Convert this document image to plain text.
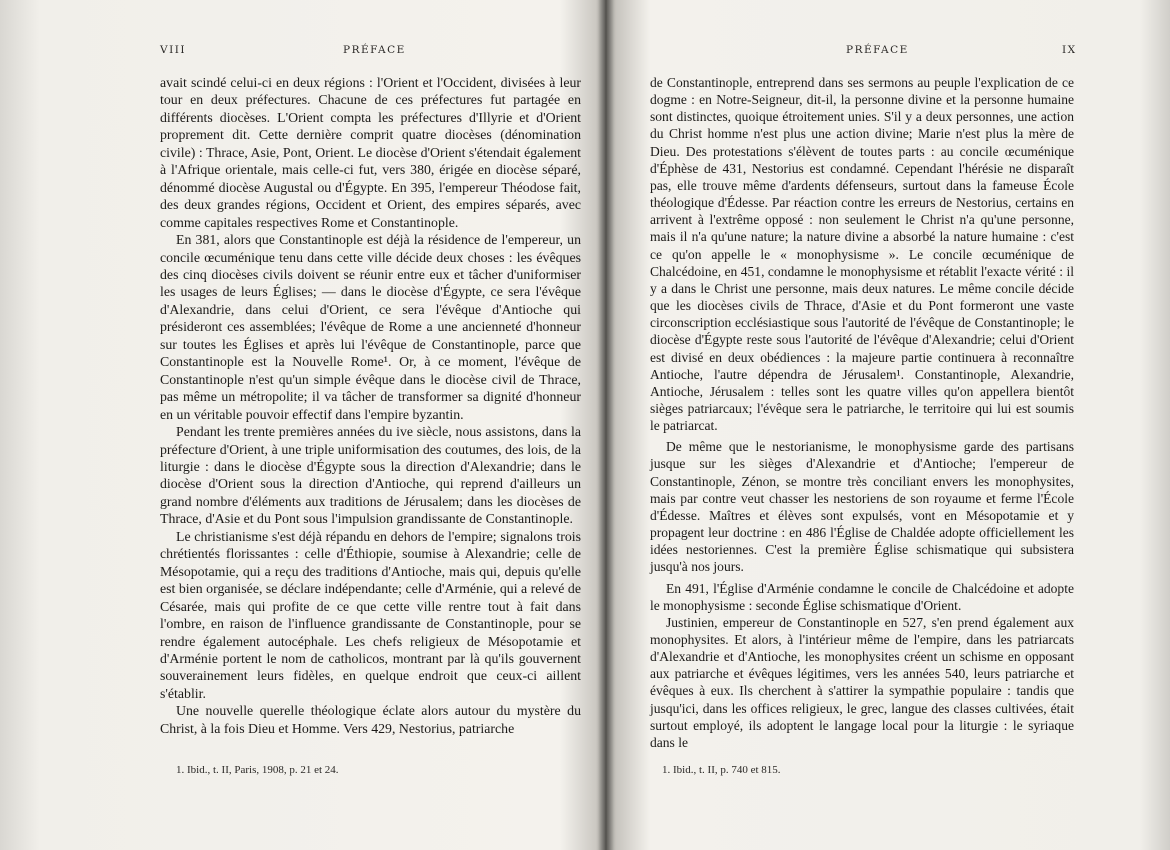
VIII	PRÉFACE

avait scindé celui-ci en deux régions : l'Orient et l'Occident, divisées à leur tour en deux préfectures. Chacune de ces préfectures fut partagée en différents diocèses. L'Orient compta les préfectures d'Illyrie et d'Orient proprement dit. Cette dernière comprit quatre diocèses (dénomination civile) : Thrace, Asie, Pont, Orient. Le diocèse d'Orient s'étendait également à l'Afrique orientale, mais celle-ci fut, vers 380, érigée en diocèse séparé, dénommé diocèse Augustal ou d'Égypte. En 395, l'empereur Théodose fait, des deux grandes régions, Occident et Orient, des empires séparés, avec comme capitales respectives Rome et Constantinople.

En 381, alors que Constantinople est déjà la résidence de l'empereur, un concile œcuménique tenu dans cette ville décide deux choses : les évêques des cinq diocèses civils doivent se réunir entre eux et tâcher d'uniformiser les usages de leurs Églises; — dans le diocèse d'Égypte, ce sera l'évêque d'Alexandrie, dans celui d'Orient, ce sera l'évêque d'Antioche qui présideront ces assemblées; l'évêque de Rome a une ancienneté d'honneur sur toutes les Églises et après lui l'évêque de Constantinople, parce que Constantinople est la Nouvelle Rome¹. Or, à ce moment, l'évêque de Constantinople n'est qu'un simple évêque dans le diocèse civil de Thrace, pas même un métropolite; il va tâcher de transformer sa dignité d'honneur en un véritable pouvoir effectif dans l'empire byzantin.

Pendant les trente premières années du ive siècle, nous assistons, dans la préfecture d'Orient, à une triple uniformisation des coutumes, des lois, de la liturgie : dans le diocèse d'Égypte sous la direction d'Alexandrie; dans le diocèse d'Orient sous la direction d'Antioche, qui reprend d'ailleurs un grand nombre d'éléments aux traditions de Jérusalem; dans les diocèses de Thrace, d'Asie et du Pont sous l'impulsion grandissante de Constantinople.

Le christianisme s'est déjà répandu en dehors de l'empire; signalons trois chrétientés florissantes : celle d'Éthiopie, soumise à Alexandrie; celle de Mésopotamie, qui a reçu des traditions d'Antioche, mais qui, depuis qu'elle est bien organisée, se déclare indépendante; celle d'Arménie, qui a relevé de Césarée, mais qui profite de ce que cette ville rentre tout à fait dans l'ombre, en raison de l'influence grandissante de Constantinople, pour se rendre également autocéphale. Les chefs religieux de Mésopotamie et d'Arménie portent le nom de catholicos, montrant par là qu'ils gouvernent souverainement leurs fidèles, en quelque endroit que ceux-ci aillent s'établir.

Une nouvelle querelle théologique éclate alors autour du mystère du Christ, à la fois Dieu et Homme. Vers 429, Nestorius, patriarche

1. Ibid., t. II, Paris, 1908, p. 21 et 24.
PRÉFACE	IX

de Constantinople, entreprend dans ses sermons au peuple l'explication de ce dogme : en Notre-Seigneur, dit-il, la personne divine et la personne humaine sont distinctes, quoique étroitement unies. S'il y a deux personnes, une action du Christ homme n'est plus une action divine; Marie n'est plus la mère de Dieu. Des protestations s'élèvent de toutes parts : au concile œcuménique d'Éphèse de 431, Nestorius est condamné. Cependant l'hérésie ne disparaît pas, elle trouve même d'ardents défenseurs, surtout dans la fameuse École théologique d'Édesse. Par réaction contre les erreurs de Nestorius, certains en arrivent à l'extrême opposé : non seulement le Christ n'a qu'une personne, mais il n'a qu'une nature; la nature divine a absorbé la nature humaine : c'est ce qu'on appelle le « monophysisme ». Le concile œcuménique de Chalcédoine, en 451, condamne le monophysisme et rétablit l'exacte vérité : il y a dans le Christ une personne, mais deux natures. Le même concile décide que les diocèses civils de Thrace, d'Asie et du Pont formeront une vaste circonscription ecclésiastique sous l'autorité de l'évêque de Constantinople; le diocèse d'Égypte reste sous l'autorité de l'évêque d'Alexandrie; celui d'Orient est divisé en deux obédiences : la majeure partie continuera à reconnaître Antioche, l'autre dépendra de Jérusalem¹. Constantinople, Alexandrie, Antioche, Jérusalem : telles sont les quatre villes qu'on appellera bientôt sièges patriarcaux; l'évêque sera le patriarche, le territoire qui lui est soumis le patriarcat.

De même que le nestorianisme, le monophysisme garde des partisans jusque sur les sièges d'Alexandrie et d'Antioche; l'empereur de Constantinople, Zénon, se montre très conciliant envers les monophysites, mais par contre veut chasser les nestoriens de son royaume et ferme l'École d'Édesse. Maîtres et élèves sont expulsés, vont en Mésopotamie et y propagent leur doctrine : en 486 l'Église de Chaldée adopte officiellement les idées nestoriennes. C'est la première Église schismatique qui subsistera jusqu'à nos jours.

En 491, l'Église d'Arménie condamne le concile de Chalcédoine et adopte le monophysisme : seconde Église schismatique d'Orient.

Justinien, empereur de Constantinople en 527, s'en prend également aux monophysites. Et alors, à l'intérieur même de l'empire, dans les patriarcats d'Alexandrie et d'Antioche, les monophysites créent un schisme en opposant aux patriarche et évêques légitimes, vers les années 540, leurs patriarche et évêques à eux. Ils cherchent à s'attirer la sympathie populaire : tandis que jusqu'ici, dans les offices religieux, le grec, langue des classes cultivées, était surtout employé, ils adoptent le langage local pour la liturgie : le syriaque dans le

1. Ibid., t. II, p. 740 et 815.
